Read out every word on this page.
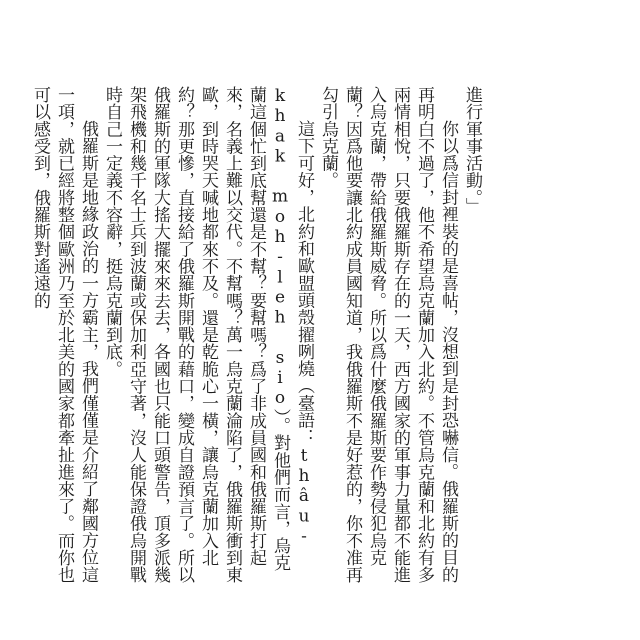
進行軍事活動。」

你以爲信封裡裝的是喜帖，沒想到是封恐嚇信。俄羅斯的目的再明白不過了，他不希望烏克蘭加入北約。不管烏克蘭和北約有多兩情相悅，只要俄羅斯存在的一天，西方國家的軍事力量都不能進入烏克蘭，帶給俄羅斯威脅。所以爲什麼俄羅斯要作勢侵犯烏克蘭？因爲他要讓北約成員國知道，我俄羅斯不是好惹的，你不准再勾引烏克蘭。

這下可好，北約和歐盟頭殼擢咧燒（臺語：thâu-khak moh-leh sio）。對他們而言，烏克蘭這個忙到底幫還是不幫？要幫嗎？爲了非成員國和俄羅斯打起來，名義上難以交代。不幫嗎？萬一烏克蘭淪陷了，俄羅斯衝到東歐，到時哭天喊地都來不及。還是乾脆心一橫，讓烏克蘭加入北約？那更慘，直接給了俄羅斯開戰的藉口，變成自證預言了。所以俄羅斯的軍隊大搖大擺來來去去，各國也只能口頭警告，頂多派幾架飛機和幾千名士兵到波蘭或保加利亞守著，沒人能保證俄烏開戰時自己一定義不容辭，挺烏克蘭到底。

俄羅斯是地緣政治的一方霸主，我們僅僅是介紹了鄰國方位這一項，就已經將整個歐洲乃至於北美的國家都牽扯進來了。而你也可以感受到，俄羅斯對遙遠的
